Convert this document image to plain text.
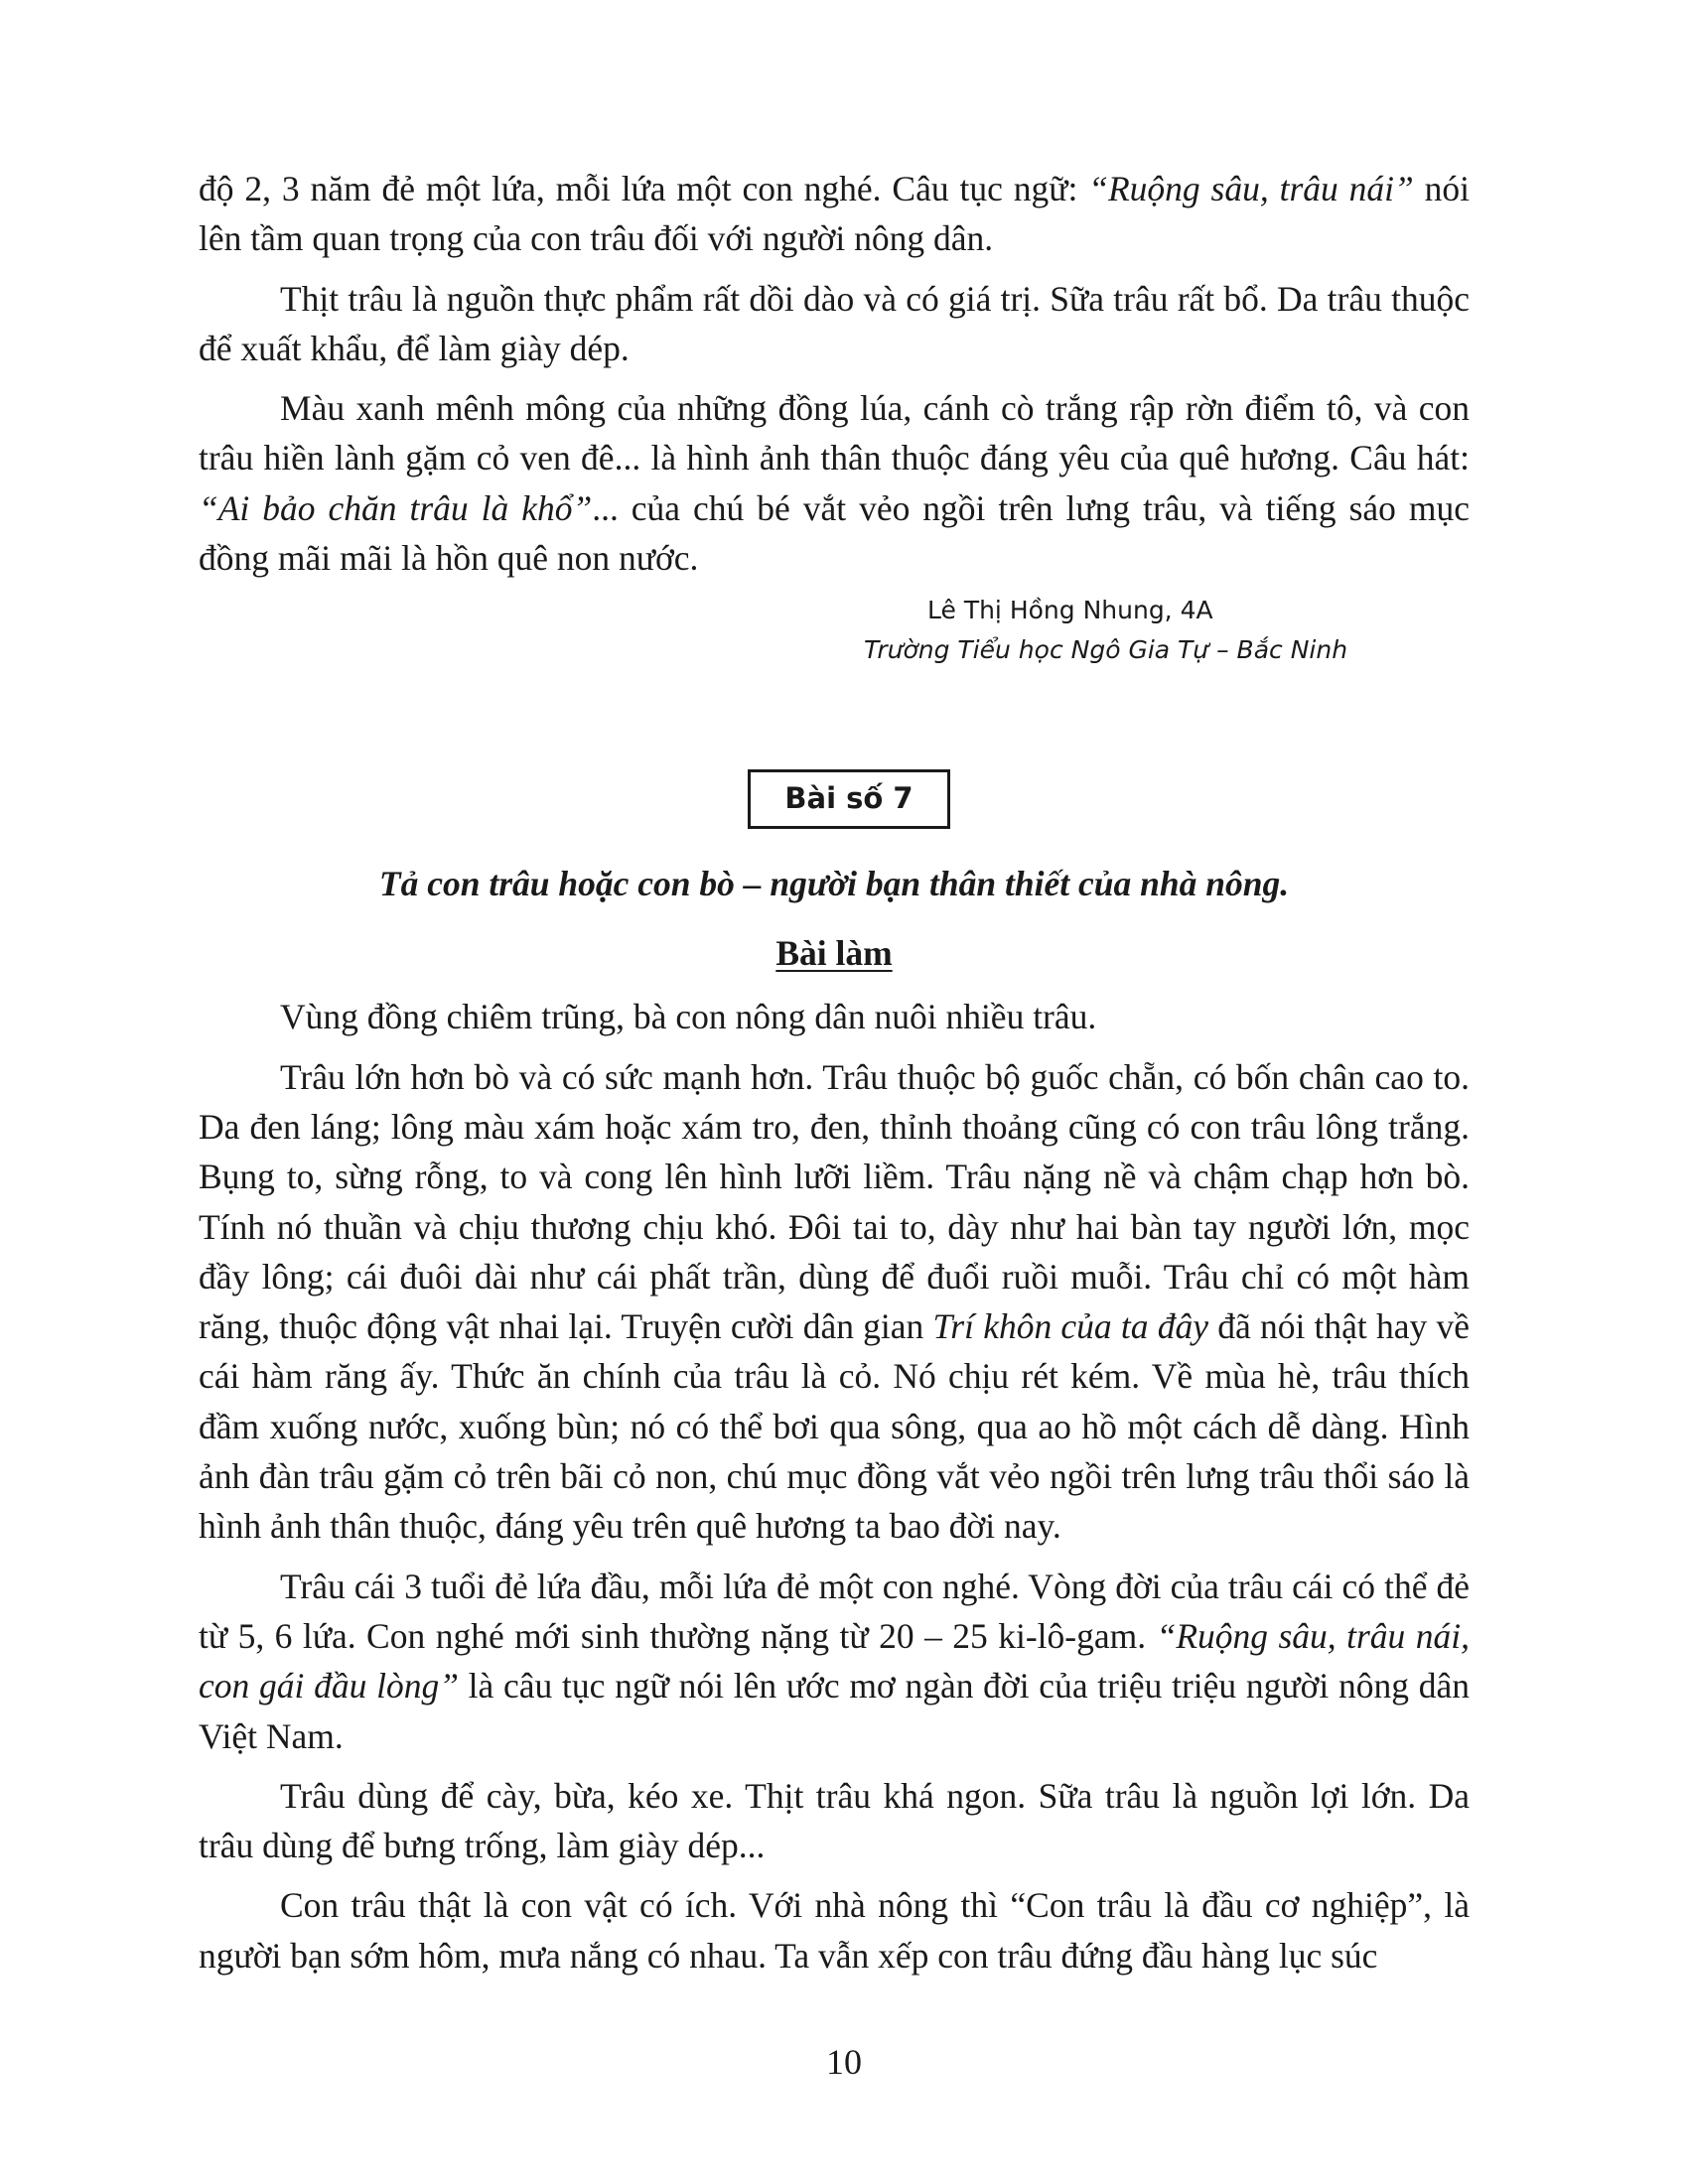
độ 2, 3 năm đẻ một lứa, mỗi lứa một con nghé. Câu tục ngữ: “Ruộng sâu, trâu nái” nói lên tầm quan trọng của con trâu đối với người nông dân.

Thịt trâu là nguồn thực phẩm rất dồi dào và có giá trị. Sữa trâu rất bổ. Da trâu thuộc để xuất khẩu, để làm giày dép.

Màu xanh mênh mông của những đồng lúa, cánh cò trắng rập rờn điểm tô, và con trâu hiền lành gặm cỏ ven đê... là hình ảnh thân thuộc đáng yêu của quê hương. Câu hát: “Ai bảo chăn trâu là khổ”... của chú bé vắt vẻo ngồi trên lưng trâu, và tiếng sáo mục đồng mãi mãi là hồn quê non nước.

Lê Thị Hồng Nhung, 4A
Trường Tiểu học Ngô Gia Tự – Bắc Ninh
Bài số 7
Tả con trâu hoặc con bò – người bạn thân thiết của nhà nông.
Bài làm

Vùng đồng chiêm trũng, bà con nông dân nuôi nhiều trâu.

Trâu lớn hơn bò và có sức mạnh hơn. Trâu thuộc bộ guốc chẵn, có bốn chân cao to. Da đen láng; lông màu xám hoặc xám tro, đen, thỉnh thoảng cũng có con trâu lông trắng. Bụng to, sừng rỗng, to và cong lên hình lưỡi liềm. Trâu nặng nề và chậm chạp hơn bò. Tính nó thuần và chịu thương chịu khó. Đôi tai to, dày như hai bàn tay người lớn, mọc đầy lông; cái đuôi dài như cái phất trần, dùng để đuổi ruồi muỗi. Trâu chỉ có một hàm răng, thuộc động vật nhai lại. Truyện cười dân gian Trí khôn của ta đây đã nói thật hay về cái hàm răng ấy. Thức ăn chính của trâu là cỏ. Nó chịu rét kém. Về mùa hè, trâu thích đầm xuống nước, xuống bùn; nó có thể bơi qua sông, qua ao hồ một cách dễ dàng. Hình ảnh đàn trâu gặm cỏ trên bãi cỏ non, chú mục đồng vắt vẻo ngồi trên lưng trâu thổi sáo là hình ảnh thân thuộc, đáng yêu trên quê hương ta bao đời nay.

Trâu cái 3 tuổi đẻ lứa đầu, mỗi lứa đẻ một con nghé. Vòng đời của trâu cái có thể đẻ từ 5, 6 lứa. Con nghé mới sinh thường nặng từ 20 – 25 ki-lô-gam. “Ruộng sâu, trâu nái, con gái đầu lòng” là câu tục ngữ nói lên ước mơ ngàn đời của triệu triệu người nông dân Việt Nam.

Trâu dùng để cày, bừa, kéo xe. Thịt trâu khá ngon. Sữa trâu là nguồn lợi lớn. Da trâu dùng để bưng trống, làm giày dép...

Con trâu thật là con vật có ích. Với nhà nông thì “Con trâu là đầu cơ nghiệp”, là người bạn sớm hôm, mưa nắng có nhau. Ta vẫn xếp con trâu đứng đầu hàng lục súc

10
